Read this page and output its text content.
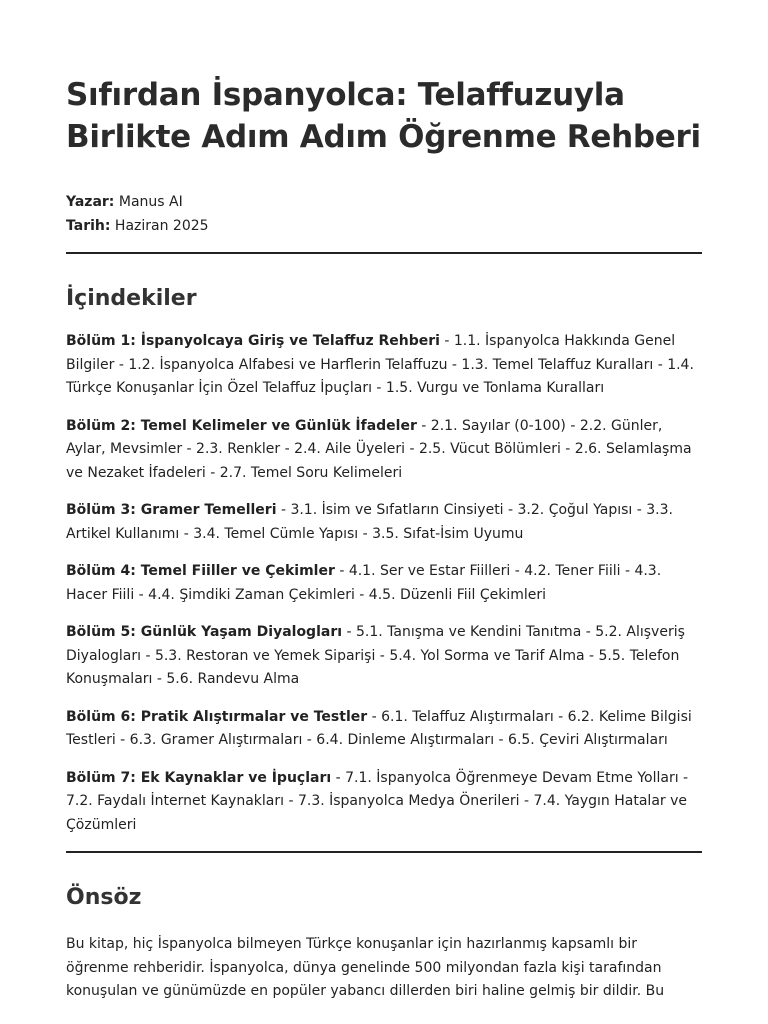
Sıfırdan İspanyolca: Telaffuzuyla Birlikte Adım Adım Öğrenme Rehberi
Yazar: Manus AI
Tarih: Haziran 2025
İçindekiler

Bölüm 1: İspanyolcaya Giriş ve Telaffuz Rehberi - 1.1. İspanyolca Hakkında Genel Bilgiler - 1.2. İspanyolca Alfabesi ve Harflerin Telaffuzu - 1.3. Temel Telaffuz Kuralları - 1.4. Türkçe Konuşanlar İçin Özel Telaffuz İpuçları - 1.5. Vurgu ve Tonlama Kuralları

Bölüm 2: Temel Kelimeler ve Günlük İfadeler - 2.1. Sayılar (0-100) - 2.2. Günler, Aylar, Mevsimler - 2.3. Renkler - 2.4. Aile Üyeleri - 2.5. Vücut Bölümleri - 2.6. Selamlaşma ve Nezaket İfadeleri - 2.7. Temel Soru Kelimeleri

Bölüm 3: Gramer Temelleri - 3.1. İsim ve Sıfatların Cinsiyeti - 3.2. Çoğul Yapısı - 3.3. Artikel Kullanımı - 3.4. Temel Cümle Yapısı - 3.5. Sıfat-İsim Uyumu

Bölüm 4: Temel Fiiller ve Çekimler - 4.1. Ser ve Estar Fiilleri - 4.2. Tener Fiili - 4.3. Hacer Fiili - 4.4. Şimdiki Zaman Çekimleri - 4.5. Düzenli Fiil Çekimleri

Bölüm 5: Günlük Yaşam Diyalogları - 5.1. Tanışma ve Kendini Tanıtma - 5.2. Alışveriş Diyalogları - 5.3. Restoran ve Yemek Siparişi - 5.4. Yol Sorma ve Tarif Alma - 5.5. Telefon Konuşmaları - 5.6. Randevu Alma

Bölüm 6: Pratik Alıştırmalar ve Testler - 6.1. Telaffuz Alıştırmaları - 6.2. Kelime Bilgisi Testleri - 6.3. Gramer Alıştırmaları - 6.4. Dinleme Alıştırmaları - 6.5. Çeviri Alıştırmaları

Bölüm 7: Ek Kaynaklar ve İpuçları - 7.1. İspanyolca Öğrenmeye Devam Etme Yolları - 7.2. Faydalı İnternet Kaynakları - 7.3. İspanyolca Medya Önerileri - 7.4. Yaygın Hatalar ve Çözümleri

Önsöz

Bu kitap, hiç İspanyolca bilmeyen Türkçe konuşanlar için hazırlanmış kapsamlı bir öğrenme rehberidir. İspanyolca, dünya genelinde 500 milyondan fazla kişi tarafından konuşulan ve günümüzde en popüler yabancı dillerden biri haline gelmiş bir dildir. Bu
